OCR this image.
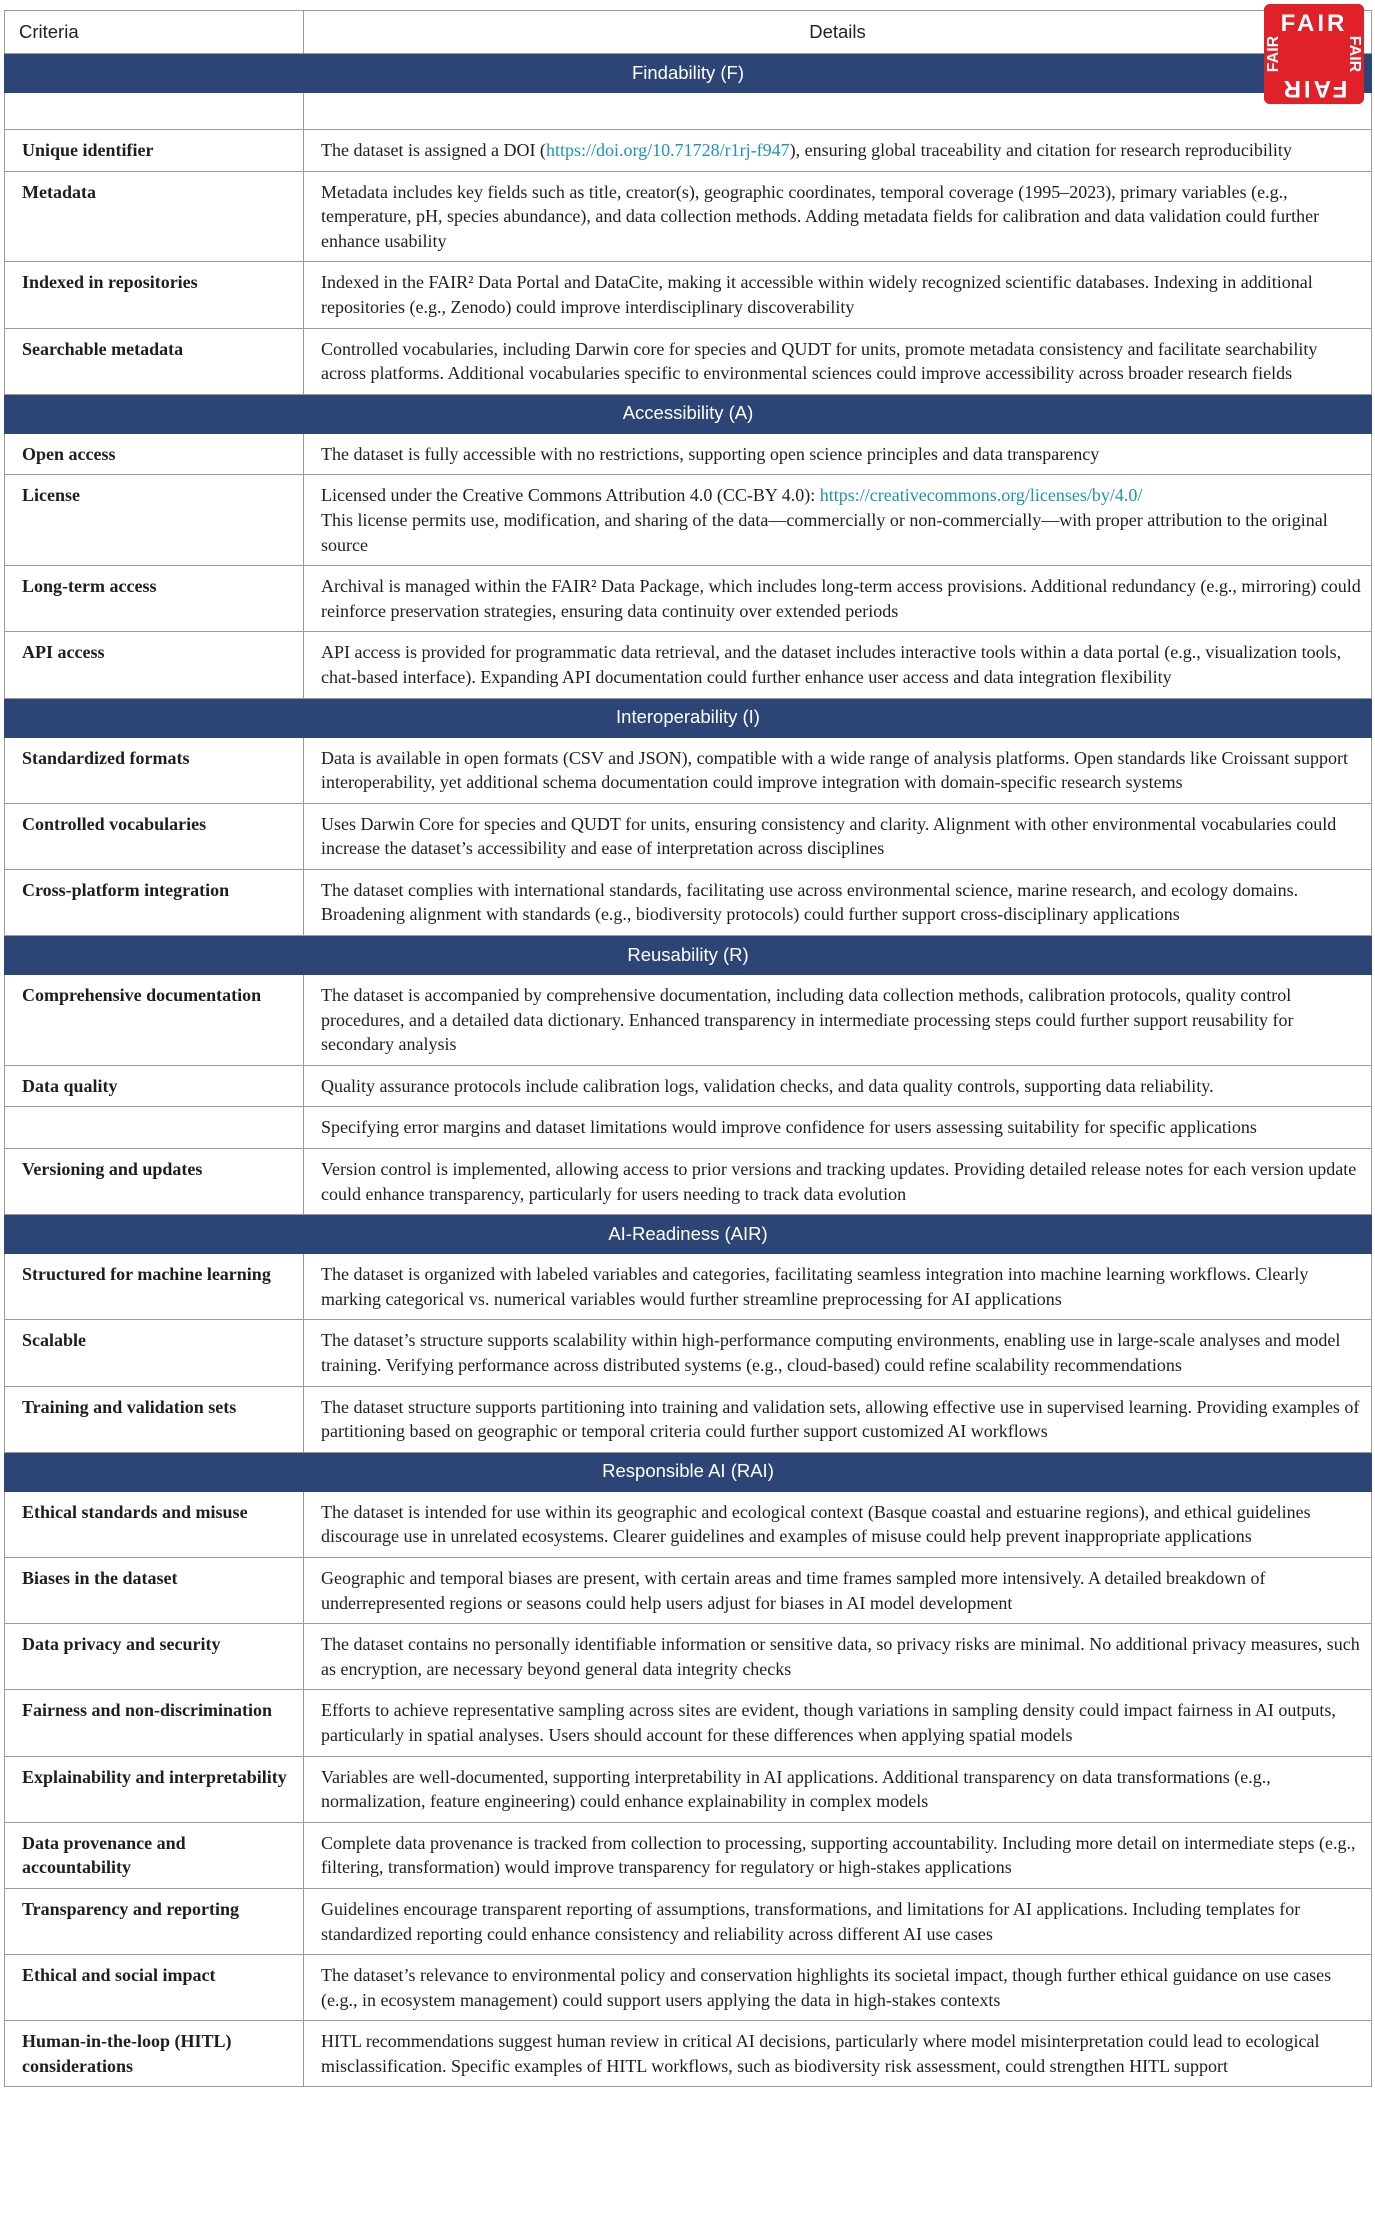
Criteria	Details
Findability (F)	

Unique identifier	The dataset is assigned a DOI (https://doi.org/10.71728/r1rj-f947), ensuring global traceability and citation for research reproducibility
Metadata	Metadata includes key fields such as title, creator(s), geographic coordinates, temporal coverage (1995–2023), primary variables (e.g., temperature, pH, species abundance), and data collection methods. Adding metadata fields for calibration and data validation could further enhance usability
Indexed in repositories	Indexed in the FAIR² Data Portal and DataCite, making it accessible within widely recognized scientific databases. Indexing in additional repositories (e.g., Zenodo) could improve interdisciplinary discoverability
Searchable metadata	Controlled vocabularies, including Darwin core for species and QUDT for units, promote metadata consistency and facilitate searchability across platforms. Additional vocabularies specific to environmental sciences could improve accessibility across broader research fields
Accessibility (A)	
Open access	The dataset is fully accessible with no restrictions, supporting open science principles and data transparency
License	Licensed under the Creative Commons Attribution 4.0 (CC-BY 4.0): https://creativecommons.org/licenses/by/4.0/
This license permits use, modification, and sharing of the data—commercially or non-commercially—with proper attribution to the original source
Long-term access	Archival is managed within the FAIR² Data Package, which includes long-term access provisions. Additional redundancy (e.g., mirroring) could reinforce preservation strategies, ensuring data continuity over extended periods
API access	API access is provided for programmatic data retrieval, and the dataset includes interactive tools within a data portal (e.g., visualization tools, chat-based interface). Expanding API documentation could further enhance user access and data integration flexibility
Interoperability (I)	
Standardized formats	Data is available in open formats (CSV and JSON), compatible with a wide range of analysis platforms. Open standards like Croissant support interoperability, yet additional schema documentation could improve integration with domain-specific research systems
Controlled vocabularies	Uses Darwin Core for species and QUDT for units, ensuring consistency and clarity. Alignment with other environmental vocabularies could increase the dataset’s accessibility and ease of interpretation across disciplines
Cross-platform integration	The dataset complies with international standards, facilitating use across environmental science, marine research, and ecology domains. Broadening alignment with standards (e.g., biodiversity protocols) could further support cross-disciplinary applications
Reusability (R)	
Comprehensive documentation	The dataset is accompanied by comprehensive documentation, including data collection methods, calibration protocols, quality control procedures, and a detailed data dictionary. Enhanced transparency in intermediate processing steps could further support reusability for secondary analysis
Data quality	Quality assurance protocols include calibration logs, validation checks, and data quality controls, supporting data reliability.
	Specifying error margins and dataset limitations would improve confidence for users assessing suitability for specific applications
Versioning and updates	Version control is implemented, allowing access to prior versions and tracking updates. Providing detailed release notes for each version update could enhance transparency, particularly for users needing to track data evolution
AI-Readiness (AIR)	
Structured for machine learning	The dataset is organized with labeled variables and categories, facilitating seamless integration into machine learning workflows. Clearly marking categorical vs. numerical variables would further streamline preprocessing for AI applications
Scalable	The dataset’s structure supports scalability within high-performance computing environments, enabling use in large-scale analyses and model training. Verifying performance across distributed systems (e.g., cloud-based) could refine scalability recommendations
Training and validation sets	The dataset structure supports partitioning into training and validation sets, allowing effective use in supervised learning. Providing examples of partitioning based on geographic or temporal criteria could further support customized AI workflows
Responsible AI (RAI)	
Ethical standards and misuse	The dataset is intended for use within its geographic and ecological context (Basque coastal and estuarine regions), and ethical guidelines discourage use in unrelated ecosystems. Clearer guidelines and examples of misuse could help prevent inappropriate applications
Biases in the dataset	Geographic and temporal biases are present, with certain areas and time frames sampled more intensively. A detailed breakdown of underrepresented regions or seasons could help users adjust for biases in AI model development
Data privacy and security	The dataset contains no personally identifiable information or sensitive data, so privacy risks are minimal. No additional privacy measures, such as encryption, are necessary beyond general data integrity checks
Fairness and non-discrimination	Efforts to achieve representative sampling across sites are evident, though variations in sampling density could impact fairness in AI outputs, particularly in spatial analyses. Users should account for these differences when applying spatial models
Explainability and interpretability	Variables are well-documented, supporting interpretability in AI applications. Additional transparency on data transformations (e.g., normalization, feature engineering) could enhance explainability in complex models
Data provenance and accountability	Complete data provenance is tracked from collection to processing, supporting accountability. Including more detail on intermediate steps (e.g., filtering, transformation) would improve transparency for regulatory or high-stakes applications
Transparency and reporting	Guidelines encourage transparent reporting of assumptions, transformations, and limitations for AI applications. Including templates for standardized reporting could enhance consistency and reliability across different AI use cases
Ethical and social impact	The dataset’s relevance to environmental policy and conservation highlights its societal impact, though further ethical guidance on use cases (e.g., in ecosystem management) could support users applying the data in high-stakes contexts
Human-in-the-loop (HITL) considerations	HITL recommendations suggest human review in critical AI decisions, particularly where model misinterpretation could lead to ecological misclassification. Specific examples of HITL workflows, such as biodiversity risk assessment, could strengthen HITL support
FAIR
FAIR
FAIR	FAIR
